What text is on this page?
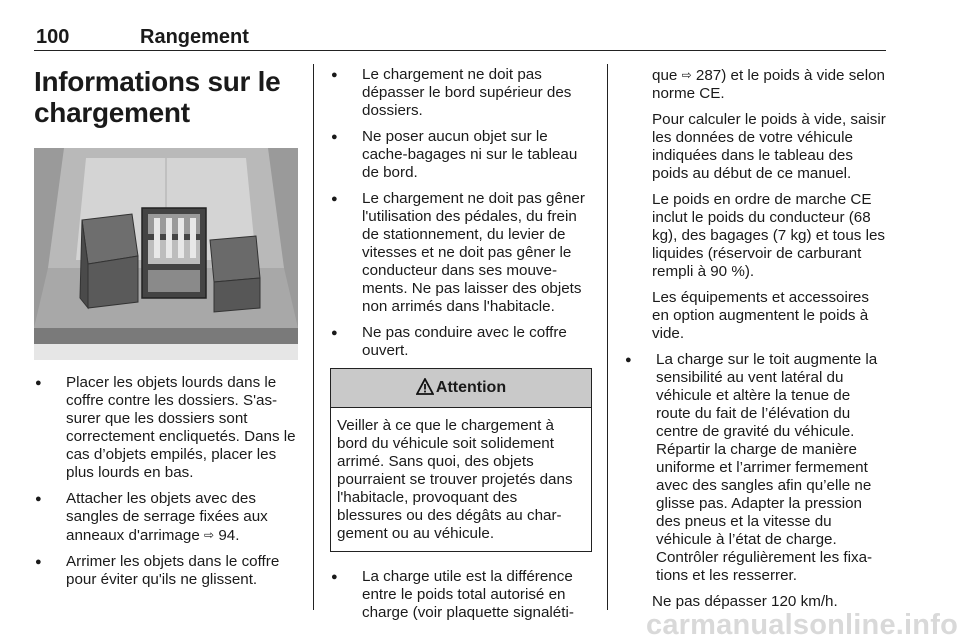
100	Rangement
Informations sur le chargement
● Placer les objets lourds dans le coffre contre les dossiers. S'as-surer que les dossiers sont correctement encliquetés. Dans le cas d’objets empilés, placer les plus lourds en bas.
● Attacher les objets avec des sangles de serrage fixées aux anneaux d'arrimage ⇨ 94.
● Arrimer les objets dans le coffre pour éviter qu'ils ne glissent.
● Le chargement ne doit pas dépasser le bord supérieur des dossiers.
● Ne poser aucun objet sur le cache-bagages ni sur le tableau de bord.
● Le chargement ne doit pas gêner l'utilisation des pédales, du frein de stationnement, du levier de vitesses et ne doit pas gêner le conducteur dans ses mouve-ments. Ne pas laisser des objets non arrimés dans l'habitacle.
● Ne pas conduire avec le coffre ouvert.
Attention
Veiller à ce que le chargement à bord du véhicule soit solidement arrimé. Sans quoi, des objets pourraient se trouver projetés dans l'habitacle, provoquant des blessures ou des dégâts au char-gement ou au véhicule.
● La charge utile est la différence entre le poids total autorisé en charge (voir plaquette signaléti-

que ⇨ 287) et le poids à vide selon norme CE.

Pour calculer le poids à vide, saisir les données de votre véhicule indiquées dans le tableau des poids au début de ce manuel.

Le poids en ordre de marche CE inclut le poids du conducteur (68 kg), des bagages (7 kg) et tous les liquides (réservoir de carburant rempli à 90 %).

Les équipements et accessoires en option augmentent le poids à vide.

● La charge sur le toit augmente la sensibilité au vent latéral du véhicule et altère la tenue de route du fait de l’élévation du centre de gravité du véhicule. Répartir la charge de manière uniforme et l’arrimer fermement avec des sangles afin qu’elle ne glisse pas. Adapter la pression des pneus et la vitesse du véhicule à l’état de charge. Contrôler régulièrement les fixa-tions et les resserrer.

Ne pas dépasser 120 km/h.

carmanualsonline.info
